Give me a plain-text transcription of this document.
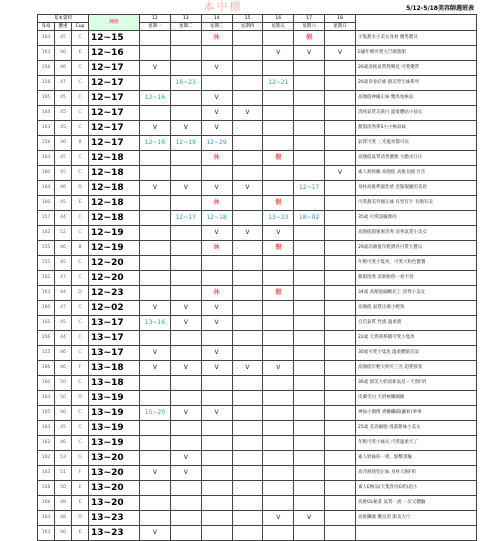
本中標	5/12-5/18美容師週班表
	基本資料			時段	12	13	14	15	16	17	18	
身高	體重	Cup		星期一	星期二	星期三	星期四	星期五	星期六	星期日	
	163	45	C	12~15			休			假		小隻甜水小美女身材 優秀寶貝
	163	46	E	12~16					V	V	V	E級年輕可愛大尺碼甜甜
	158	46	C	12~17	V		V					26歲清純氣質我樂見 可愛優質
	158	47	C	12~17		16~23			12~21			26歲青春必修 甜美學生妹系列
	165	45	C	12~17	12~16		V					高顏值神級正妹 雙馬尾極品
	164	45	C	12~17			V	V				清純氣質美黃白 溫柔體貼小仙女
	163	45	C	12~17	V	V	V					甜甜清秀系S小小極品妹
	158	46	B	12~17	12~16	12~19	12~29					氣質可愛 三光龍亮都可以
	163	45	C	12~18			休		假			高顏值氣質清秀優雅 大膽水汪汪
	160	45	C	12~18							V	素人無經驗 高顏值 高挑長腿 台音
	164	46	D	12~18	V	V	V	V		12~17		身材高挑夢露性感 金髮靚麗的美眉
	160	45	E	12~18			休		假			可愛甜美外國正妹 有型有片 有顏有美
	157	44	C	12~18		12~17	12~18		13~23	18~02		35歲 可愛超級教肉
	162	52	C	12~19			V	V	V			高顏值甜蜜蜜清秀 清秀氣質小美女
	155	46	B	12~19			休		假			29歲高顏值年輕漂亮可愛大寶貝
	155	45	C	12~20								年輕可愛小隻馬，可愛大粉色寶寶
	162	47	C	12~20								甜甜清秀 清新脫俗一看不容
	163	44	D	12~23			休		假			34歲 高顏值細緻北上 清秀小美女
	160	47	C	12~02	V	V	V					高顏值 氣質出眾小輕熟
	165	45	C	13~17	13~16	V	V					自信氣質 性感 溫柔甜
	156	44	C	13~17								22歲 天然萌系嬌可愛小隻馬
	155	46	C	13~17	V		V					30歲可愛小隻馬 溫柔體貼沒設
	166	46	F	13~18	V	V	V	V	V			高顏值年輕大奶可三光 超愛接客
	160	50	C	13~18								36歲 甜美大奶清新氣息 - 天然F奶
	163	50	D	13~19								皮膚雪白 大奶極嫩細緻
	165	46	C	13~19	15~20	V	V					神仙小偶像 香嫩纖細(蘿莉)事事
	163	45	C	13~19								25歲 美容細胞 漫畫甜妹小美女
	162	46	C	13~19								年輕可愛小妹兒 可愛溫柔天了
	162	53	G	13~20		V						素人奶妹你一摸，點擊頂級
	163	51	F	13~20	V	V						高冷熱情型正妹 身材大胸F奶
	158	50	E	13~20								素人E極品(大隻骨肉G奶)超小
	168	48	E	13~20								高挑OL秘書 氣質一流 一次又體驗
	163	48	D	13~23					V	V		高挑纖瘦 優良型 甜美大尺
	163	46	E	13~23	V							
